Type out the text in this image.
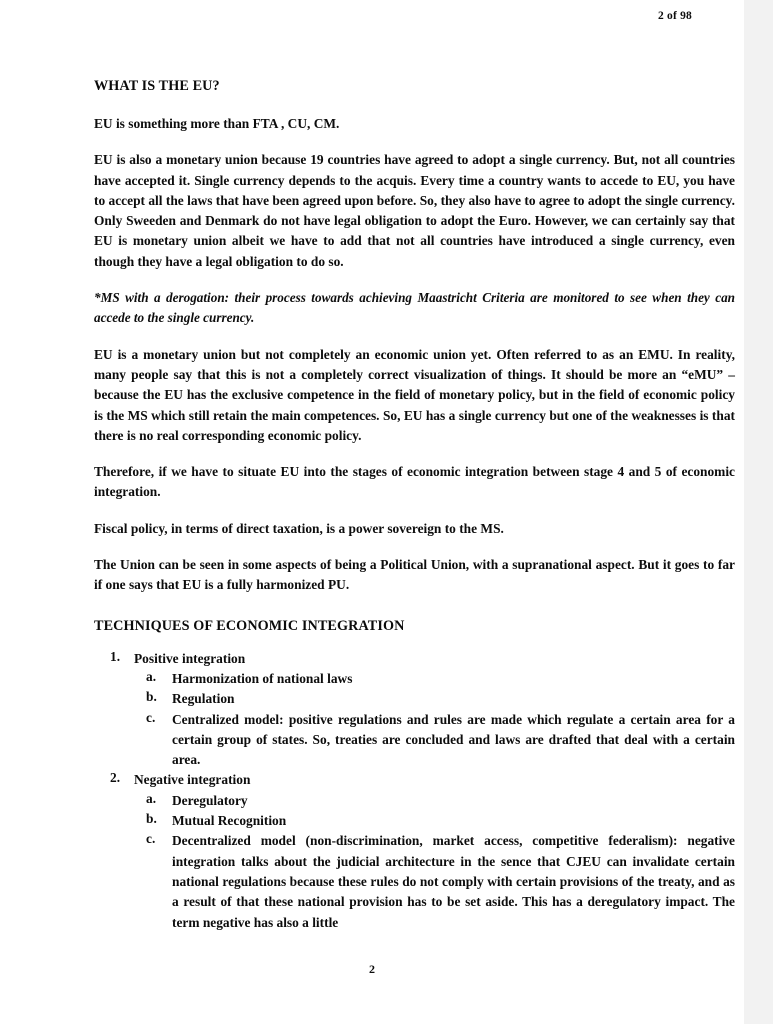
2 of 98
WHAT IS THE EU?

EU is something more than FTA , CU, CM.

EU is also a monetary union because 19 countries have agreed to adopt a single currency. But, not all countries have accepted it. Single currency depends to the acquis. Every time a country wants to accede to EU, you have to accept all the laws that have been agreed upon before. So, they also have to agree to adopt the single currency. Only Sweeden and Denmark do not have legal obligation to adopt the Euro. However, we can certainly say that EU is monetary union albeit we have to add that not all countries have introduced a single currency, even though they have a legal obligation to do so.

*MS with a derogation: their process towards achieving Maastricht Criteria are monitored to see when they can accede to the single currency.

EU is a monetary union but not completely an economic union yet. Often referred to as an EMU. In reality, many people say that this is not a completely correct visualization of things. It should be more an “eMU” – because the EU has the exclusive competence in the field of monetary policy, but in the field of economic policy is the MS which still retain the main competences. So, EU has a single currency but one of the weaknesses is that there is no real corresponding economic policy.

Therefore, if we have to situate EU into the stages of economic integration between stage 4 and 5 of economic integration.

Fiscal policy, in terms of direct taxation, is a power sovereign to the MS.

The Union can be seen in some aspects of being a Political Union, with a supranational aspect. But it goes to far if one says that EU is a fully harmonized PU.

TECHNIQUES OF ECONOMIC INTEGRATION
1. Positive integration
a. Harmonization of national laws
b. Regulation
c. Centralized model: positive regulations and rules are made which regulate a certain area for a certain group of states. So, treaties are concluded and laws are drafted that deal with a certain area.
2. Negative integration
a. Deregulatory
b. Mutual Recognition
c. Decentralized model (non-discrimination, market access, competitive federalism): negative integration talks about the judicial architecture in the sence that CJEU can invalidate certain national regulations because these rules do not comply with certain provisions of the treaty, and as a result of that these national provision has to be set aside. This has a deregulatory impact. The term negative has also a little
2
